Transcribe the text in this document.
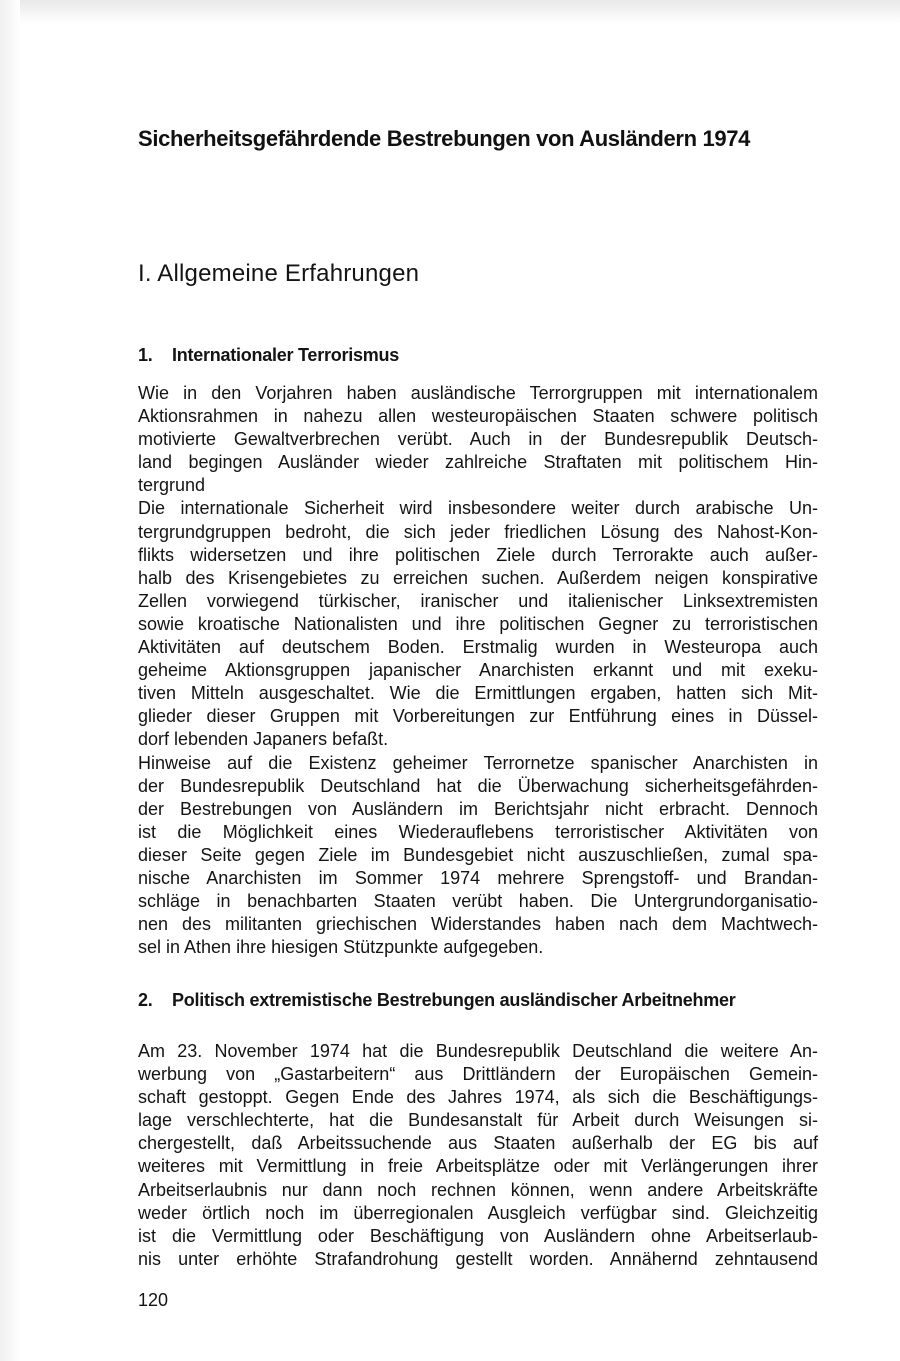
Sicherheitsgefährdende Bestrebungen von Ausländern 1974
I. Allgemeine Erfahrungen
1. Internationaler Terrorismus
Wie in den Vorjahren haben ausländische Terrorgruppen mit internationalem
Aktionsrahmen in nahezu allen westeuropäischen Staaten schwere politisch
motivierte Gewaltverbrechen verübt. Auch in der Bundesrepublik Deutsch-
land begingen Ausländer wieder zahlreiche Straftaten mit politischem Hin-
tergrund
Die internationale Sicherheit wird insbesondere weiter durch arabische Un-
tergrundgruppen bedroht, die sich jeder friedlichen Lösung des Nahost-Kon-
flikts widersetzen und ihre politischen Ziele durch Terrorakte auch außer-
halb des Krisengebietes zu erreichen suchen. Außerdem neigen konspirative
Zellen vorwiegend türkischer, iranischer und italienischer Linksextremisten
sowie kroatische Nationalisten und ihre politischen Gegner zu terroristischen
Aktivitäten auf deutschem Boden. Erstmalig wurden in Westeuropa auch
geheime Aktionsgruppen japanischer Anarchisten erkannt und mit exeku-
tiven Mitteln ausgeschaltet. Wie die Ermittlungen ergaben, hatten sich Mit-
glieder dieser Gruppen mit Vorbereitungen zur Entführung eines in Düssel-
dorf lebenden Japaners befaßt.
Hinweise auf die Existenz geheimer Terrornetze spanischer Anarchisten in
der Bundesrepublik Deutschland hat die Überwachung sicherheitsgefährden-
der Bestrebungen von Ausländern im Berichtsjahr nicht erbracht. Dennoch
ist die Möglichkeit eines Wiederauflebens terroristischer Aktivitäten von
dieser Seite gegen Ziele im Bundesgebiet nicht auszuschließen, zumal spa-
nische Anarchisten im Sommer 1974 mehrere Sprengstoff- und Brandan-
schläge in benachbarten Staaten verübt haben. Die Untergrundorganisatio-
nen des militanten griechischen Widerstandes haben nach dem Machtwech-
sel in Athen ihre hiesigen Stützpunkte aufgegeben.
2. Politisch extremistische Bestrebungen ausländischer Arbeitnehmer
Am 23. November 1974 hat die Bundesrepublik Deutschland die weitere An-
werbung von „Gastarbeitern“ aus Drittländern der Europäischen Gemein-
schaft gestoppt. Gegen Ende des Jahres 1974, als sich die Beschäftigungs-
lage verschlechterte, hat die Bundesanstalt für Arbeit durch Weisungen si-
chergestellt, daß Arbeitssuchende aus Staaten außerhalb der EG bis auf
weiteres mit Vermittlung in freie Arbeitsplätze oder mit Verlängerungen ihrer
Arbeitserlaubnis nur dann noch rechnen können, wenn andere Arbeitskräfte
weder örtlich noch im überregionalen Ausgleich verfügbar sind. Gleichzeitig
ist die Vermittlung oder Beschäftigung von Ausländern ohne Arbeitserlaub-
nis unter erhöhte Strafandrohung gestellt worden. Annähernd zehntausend

120
